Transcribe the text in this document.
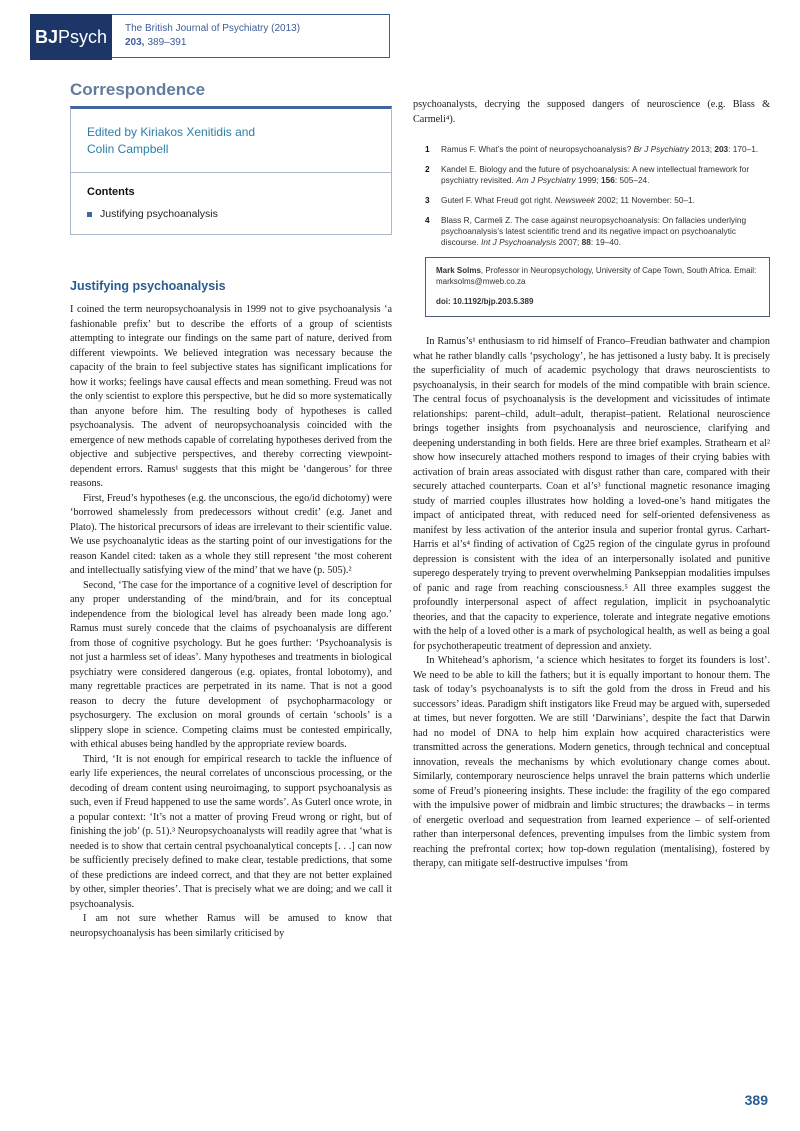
BJ Psych The British Journal of Psychiatry (2013)
203, 389–391
Correspondence
Edited by Kiriakos Xenitidis and
Colin Campbell
Contents
Justifying psychoanalysis
Justifying psychoanalysis

I coined the term neuropsychoanalysis in 1999 not to give psychoanalysis ‘a fashionable prefix’ but to describe the efforts of a group of scientists attempting to integrate our findings on the same part of nature, derived from different viewpoints. We believed integration was necessary because the capacity of the brain to feel subjective states has significant implications for how it works; feelings have causal effects and mean something. Freud was not the only scientist to explore this perspective, but he did so more systematically than anyone before him. The resulting body of hypotheses is called psychoanalysis. The advent of neuropsychoanalysis coincided with the emergence of new methods capable of correlating hypotheses derived from the objective and subjective perspectives, and thereby correcting viewpoint-dependent errors. Ramus¹ suggests that this might be ‘dangerous’ for three reasons.

First, Freud’s hypotheses (e.g. the unconscious, the ego/id dichotomy) were ‘borrowed shamelessly from predecessors without credit’ (e.g. Janet and Plato). The historical precursors of ideas are irrelevant to their scientific value. We use psychoanalytic ideas as the starting point of our investigations for the reason Kandel cited: taken as a whole they still represent ‘the most coherent and intellectually satisfying view of the mind’ that we have (p. 505).²

Second, ‘The case for the importance of a cognitive level of description for any proper understanding of the mind/brain, and for its conceptual independence from the biological level has already been made long ago.’ Ramus must surely concede that the claims of psychoanalysis are different from those of cognitive psychology. But he goes further: ‘Psychoanalysis is not just a harmless set of ideas’. Many hypotheses and treatments in biological psychiatry were considered dangerous (e.g. opiates, frontal lobotomy), and many regrettable practices are perpetrated in its name. That is not a good reason to decry the future development of psychopharmacology or psychosurgery. The exclusion on moral grounds of certain ‘schools’ is a slippery slope in science. Competing claims must be contested empirically, with ethical abuses being handled by the appropriate review boards.

Third, ‘It is not enough for empirical research to tackle the influence of early life experiences, the neural correlates of unconscious processing, or the decoding of dream content using neuroimaging, to support psychoanalysis as such, even if Freud happened to use the same words’. As Guterl once wrote, in a popular context: ‘It’s not a matter of proving Freud wrong or right, but of finishing the job’ (p. 51).³ Neuropsychoanalysts will readily agree that ‘what is needed is to show that certain central psychoanalytical concepts [. . .] can now be sufficiently precisely defined to make clear, testable predictions, that some of these predictions are indeed correct, and that they are not better explained by other, simpler theories’. That is precisely what we are doing; and we call it psychoanalysis.

I am not sure whether Ramus will be amused to know that neuropsychoanalysis has been similarly criticised by

psychoanalysts, decrying the supposed dangers of neuroscience (e.g. Blass & Carmeli⁴).

1	Ramus F. What’s the point of neuropsychoanalysis? Br J Psychiatry 2013; 203: 170–1.
2	Kandel E. Biology and the future of psychoanalysis: A new intellectual framework for psychiatry revisited. Am J Psychiatry 1999; 156: 505–24.
3	Guterl F. What Freud got right. Newsweek 2002; 11 November: 50–1.
4	Blass R, Carmeli Z. The case against neuropsychoanalysis: On fallacies underlying psychoanalysis’s latest scientific trend and its negative impact on psychoanalytic discourse. Int J Psychoanalysis 2007; 88: 19–40.
Mark Solms, Professor in Neuropsychology, University of Cape Town, South Africa. Email: marksolms@mweb.co.za
doi: 10.1192/bjp.203.5.389

In Ramus’s¹ enthusiasm to rid himself of Franco–Freudian bathwater and champion what he rather blandly calls ‘psychology’, he has jettisoned a lusty baby. It is precisely the superficiality of much of academic psychology that draws neuroscientists to psychoanalysis, in their search for models of the mind compatible with brain science. The central focus of psychoanalysis is the development and vicissitudes of intimate relationships: parent–child, adult–adult, therapist–patient. Relational neuroscience brings together insights from psychoanalysis and neuroscience, clarifying and deepening understanding in both fields. Here are three brief examples. Strathearn et al² show how insecurely attached mothers respond to images of their crying babies with activation of brain areas associated with disgust rather than care, compared with their securely attached counterparts. Coan et al’s³ functional magnetic resonance imaging study of married couples illustrates how holding a loved-one’s hand mitigates the impact of anticipated threat, with reduced need for self-oriented defensiveness as manifest by less activation of the anterior insula and superior frontal gyrus. Carhart-Harris et al’s⁴ finding of activation of Cg25 region of the cingulate gyrus in profound depression is consistent with the idea of an interpersonally isolated and punitive superego desperately trying to prevent overwhelming Pankseppian modalities impulses of panic and rage from reaching consciousness.⁵ All three examples suggest the profoundly interpersonal aspect of affect regulation, implicit in psychoanalytic theories, and that the capacity to experience, tolerate and integrate negative emotions with the help of a loved other is a mark of psychological health, as well as being a goal for psychotherapeutic treatment of depression and anxiety.

In Whitehead’s aphorism, ‘a science which hesitates to forget its founders is lost’. We need to be able to kill the fathers; but it is equally important to honour them. The task of today’s psychoanalysts is to sift the gold from the dross in Freud and his successors’ ideas. Paradigm shift instigators like Freud may be argued with, superseded at times, but never forgotten. We are still ‘Darwinians’, despite the fact that Darwin had no model of DNA to help him explain how acquired characteristics were transmitted across the generations. Modern genetics, through technical and conceptual innovation, reveals the mechanisms by which evolutionary change comes about. Similarly, contemporary neuroscience helps unravel the brain patterns which underlie some of Freud’s pioneering insights. These include: the fragility of the ego compared with the impulsive power of midbrain and limbic structures; the drawbacks – in terms of energetic overload and sequestration from learned experience – of self-oriented rather than interpersonal defences, preventing impulses from the limbic system from reaching the prefrontal cortex; how top-down regulation (mentalising), fostered by therapy, can mitigate self-destructive impulses ‘from

389
